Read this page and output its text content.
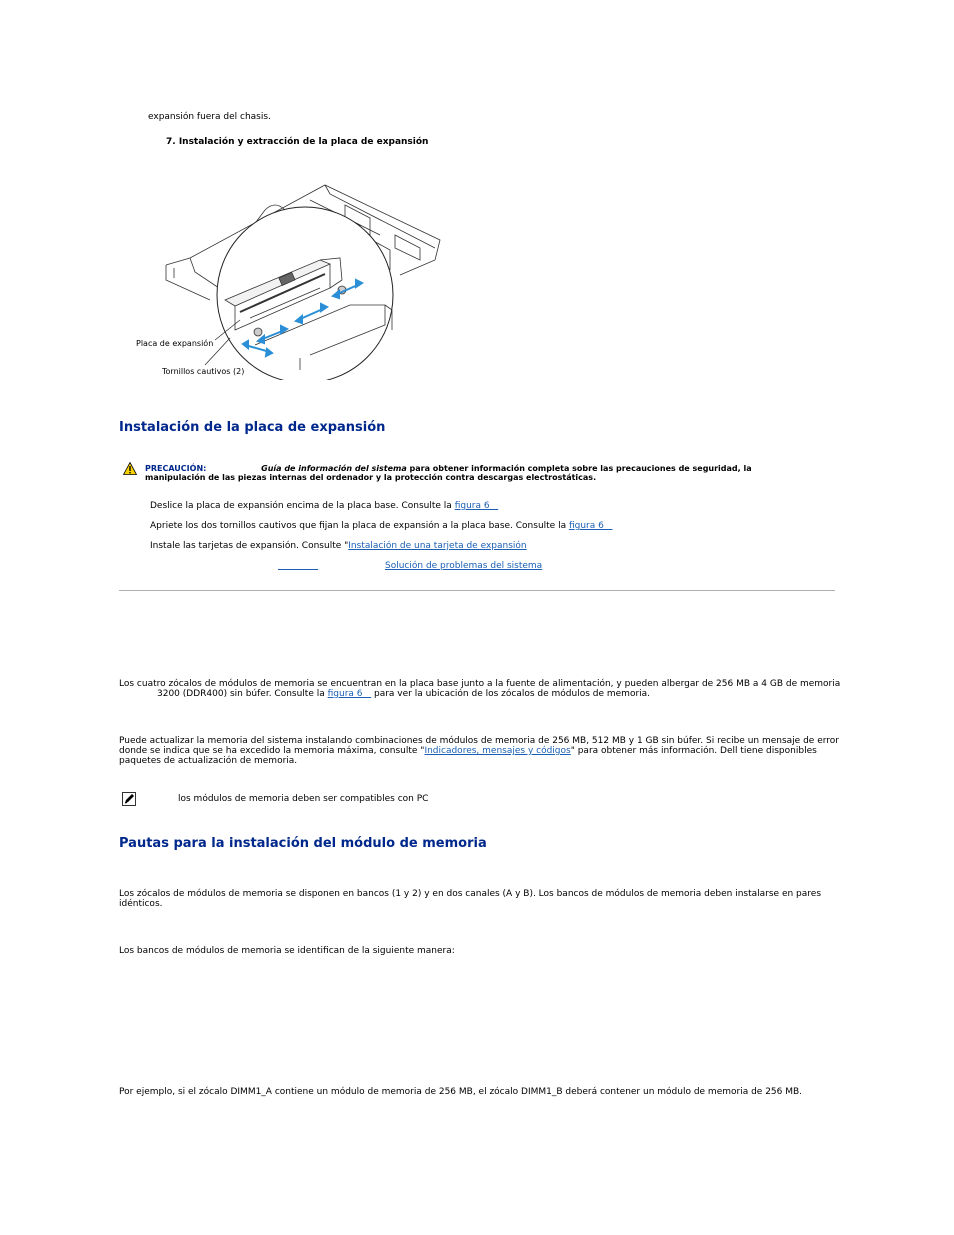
expansión fuera del chasis.
7. Instalación y extracción de la placa de expansión
Placa de expansión
Tornillos cautivos (2)
Instalación de la placa de expansión
PRECAUCIÓN:	Guía de información del sistema para obtener información completa sobre las precauciones de seguridad, la
manipulación de las piezas internas del ordenador y la protección contra descargas electrostáticas.
Deslice la placa de expansión encima de la placa base. Consulte la figura 6
Apriete los dos tornillos cautivos que fijan la placa de expansión a la placa base. Consulte la figura 6
Instale las tarjetas de expansión. Consulte "Instalación de una tarjeta de expansión

Solución de problemas del sistema
Los cuatro zócalos de módulos de memoria se encuentran en la placa base junto a la fuente de alimentación, y pueden albergar de 256 MB a 4 GB de memoria
3200 (DDR400) sin búfer. Consulte la figura 6    para ver la ubicación de los zócalos de módulos de memoria.
Puede actualizar la memoria del sistema instalando combinaciones de módulos de memoria de 256 MB, 512 MB y 1 GB sin búfer. Si recibe un mensaje de error
donde se indica que se ha excedido la memoria máxima, consulte "Indicadores, mensajes y códigos" para obtener más información. Dell tiene disponibles
paquetes de actualización de memoria.
los módulos de memoria deben ser compatibles con PC
Pautas para la instalación del módulo de memoria
Los zócalos de módulos de memoria se disponen en bancos (1 y 2) y en dos canales (A y B). Los bancos de módulos de memoria deben instalarse en pares
idénticos.
Los bancos de módulos de memoria se identifican de la siguiente manera:
Por ejemplo, si el zócalo DIMM1_A contiene un módulo de memoria de 256 MB, el zócalo DIMM1_B deberá contener un módulo de memoria de 256 MB.
